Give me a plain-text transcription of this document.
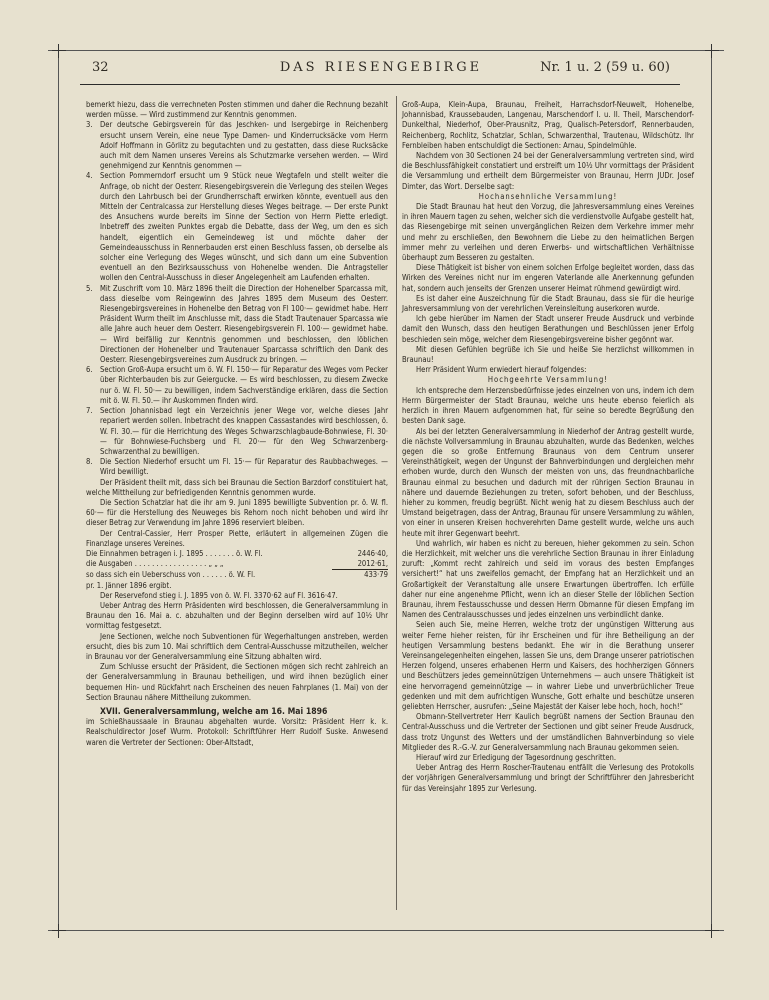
32	DAS RIESENGEBIRGE	Nr. 1 u. 2 (59 u. 60)

bemerkt hiezu, dass die verrechneten Posten stimmen und daher die Rechnung bezahlt werden müsse. — Wird zustimmend zur Kenntnis genommen.

3. Der deutsche Gebirgsverein für das Jeschken- und Isergebirge in Reichenberg ersucht unsern Verein, eine neue Type Damen- und Kinderrucksäcke vom Herrn Adolf Hoffmann in Görlitz zu begutachten und zu gestatten, dass diese Rucksäcke auch mit dem Namen unseres Vereins als Schutzmarke versehen werden. — Wird genehmigend zur Kenntnis genommen —
4. Section Pommerndorf ersucht um 9 Stück neue Wegtafeln und stellt weiter die Anfrage, ob nicht der Oesterr. Riesengebirgsverein die Verlegung des steilen Weges durch den Lahrbusch bei der Grundherrschaft erwirken könnte, eventuell aus den Mitteln der Centralcassa zur Herstellung dieses Weges beitrage. — Der erste Punkt des Ansuchens wurde bereits im Sinne der Section von Herrn Piette erledigt. Inbetreff des zweiten Punktes ergab die Debatte, dass der Weg, um den es sich handelt, eigentlich ein Gemeindeweg ist und möchte daher der Gemeindeausschuss in Rennerbauden erst einen Beschluss fassen, ob derselbe als solcher eine Verlegung des Weges wünscht, und sich dann um eine Subvention eventuell an den Bezirksausschuss von Hohenelbe wenden. Die Antragsteller wollen den Central-Ausschuss in dieser Angelegenheit am Laufenden erhalten.
5. Mit Zuschrift vom 10. März 1896 theilt die Direction der Hohenelber Sparcassa mit, dass dieselbe vom Reingewinn des Jahres 1895 dem Museum des Oesterr. Riesengebirgsvereines in Hohenelbe den Betrag von Fl 100·— gewidmet habe. Herr Präsident Wurm theilt im Anschlusse mit, dass die Stadt Trautenauer Sparcassa wie alle Jahre auch heuer dem Oesterr. Riesengebirgsverein Fl. 100·— gewidmet habe. — Wird beifällig zur Kenntnis genommen und beschlossen, den löblichen Directionen der Hohenelber und Trautenauer Sparcassa schriftlich den Dank des Oesterr. Riesengebirgsvereines zum Ausdruck zu bringen. —
6. Section Groß-Aupa ersucht um ö. W. Fl. 150·— für Reparatur des Weges vom Pecker über Richterbauden bis zur Geiergucke. — Es wird beschlossen, zu diesem Zwecke nur ö. W. Fl. 50·— zu bewilligen, indem Sachverständige erklären, dass die Section mit ö. W. Fl. 50.— ihr Auskommen finden wird.
7. Section Johannisbad legt ein Verzeichnis jener Wege vor, welche dieses Jahr repariert werden sollen. Inbetracht des knappen Cassastandes wird beschlossen, ö. W. Fl. 30.— für die Herrichtung des Weges Schwarzschlagbaude-Bohnwiese, Fl. 30·— für Bohnwiese-Fuchsberg und Fl. 20·— für den Weg Schwarzenberg-Schwarzenthal zu bewilligen.
8. Die Section Niederhof ersucht um Fl. 15·— für Reparatur des Raubbachweges. — Wird bewilligt.

Der Präsident theilt mit, dass sich bei Braunau die Section Barzdorf constituiert hat, welche Mittheilung zur befriedigenden Kenntnis genommen wurde.

Die Section Schatzlar hat die ihr am 9. Juni 1895 bewilligte Subvention pr. ö. W. fl. 60·— für die Herstellung des Neuweges bis Rehorn noch nicht behoben und wird ihr dieser Betrag zur Verwendung im Jahre 1896 reserviert bleiben.

Der Central-Cassier, Herr Prosper Piette, erläutert in allgemeinen Zügen die Finanzlage unseres Vereines.

Die Einnahmen betragen i. J. 1895 . . . . . . . ö. W. Fl.	2446·40,
die Ausgaben . . . . . . . . . . . . . . . . . „ „ „	2012·61,
so dass sich ein Ueberschuss von . . . . . . ö. W. Fl.	433·79

pr. 1. Jänner 1896 ergibt.

Der Reservefond stieg i. J. 1895 von ö. W. Fl. 3370·62 auf Fl. 3616·47.

Ueber Antrag des Herrn Präsidenten wird beschlossen, die Generalversammlung in Braunau den 16. Mai a. c. abzuhalten und der Beginn derselben wird auf 10½ Uhr vormittag festgesetzt.

Jene Sectionen, welche noch Subventionen für Wegerhaltungen anstreben, werden ersucht, dies bis zum 10. Mai schriftlich dem Central-Ausschusse mitzutheilen, welcher in Braunau vor der Generalversammlung eine Sitzung abhalten wird.

Zum Schlusse ersucht der Präsident, die Sectionen mögen sich recht zahlreich an der Generalversammlung in Braunau betheiligen, und wird ihnen bezüglich einer bequemen Hin- und Rückfahrt nach Erscheinen des neuen Fahrplanes (1. Mai) von der Section Braunau nähere Mittheilung zukommen.

XVII. Generalversammlung, welche am 16. Mai 1896

im Schießhaussaale in Braunau abgehalten wurde. Vorsitz: Präsident Herr k. k. Realschuldirector Josef Wurm. Protokoll: Schriftführer Herr Rudolf Suske. Anwesend waren die Vertreter der Sectionen: Ober-Altstadt,

Groß-Aupa, Klein-Aupa, Braunau, Freiheit, Harrachsdorf-Neuwelt, Hohenelbe, Johannisbad, Kraussebauden, Langenau, Marschendorf I. u. II. Theil, Marschendorf-Dunkelthal, Niederhof, Ober-Prausnitz, Prag, Qualisch-Petersdorf, Rennerbauden, Reichenberg, Rochlitz, Schatzlar, Schlan, Schwarzenthal, Trautenau, Wildschütz. Ihr Fernbleiben haben entschuldigt die Sectionen: Arnau, Spindelmühle.

Nachdem von 30 Sectionen 24 bei der Generalversammlung vertreten sind, wird die Beschlussfähigkeit constatiert und erstreift um 10½ Uhr vormittags der Präsident die Versammlung und ertheilt dem Bürgermeister von Braunau, Herrn JUDr. Josef Dimter, das Wort. Derselbe sagt:

Hochansehnliche Versammlung!

Die Stadt Braunau hat heut den Vorzug, die Jahresversammlung eines Vereines in ihren Mauern tagen zu sehen, welcher sich die verdienstvolle Aufgabe gestellt hat, das Riesengebirge mit seinen unvergänglichen Reizen dem Verkehre immer mehr und mehr zu erschließen, den Bewohnern die Liebe zu den heimatlichen Bergen immer mehr zu verleihen und deren Erwerbs- und wirtschaftlichen Verhältnisse überhaupt zum Besseren zu gestalten.

Diese Thätigkeit ist bisher von einem solchen Erfolge begleitet worden, dass das Wirken des Vereines nicht nur im engeren Vaterlande alle Anerkennung gefunden hat, sondern auch jenseits der Grenzen unserer Heimat rühmend gewürdigt wird.

Es ist daher eine Auszeichnung für die Stadt Braunau, dass sie für die heurige Jahresversammlung von der verehrlichen Vereinsleitung auserkoren wurde.

Ich gebe hierüber im Namen der Stadt unserer Freude Ausdruck und verbinde damit den Wunsch, dass den heutigen Berathungen und Beschlüssen jener Erfolg beschieden sein möge, welcher dem Riesengebirgsvereine bisher gegönnt war.

Mit diesen Gefühlen begrüße ich Sie und heiße Sie herzlichst willkommen in Braunau!

Herr Präsident Wurm erwiedert hierauf folgendes:

Hochgeehrte Versammlung!

Ich entspreche dem Herzensbedürfnisse jedes einzelnen von uns, indem ich dem Herrn Bürgermeister der Stadt Braunau, welche uns heute ebenso feierlich als herzlich in ihren Mauern aufgenommen hat, für seine so beredte Begrüßung den besten Dank sage.

Als bei der letzten Generalversammlung in Niederhof der Antrag gestellt wurde, die nächste Vollversammlung in Braunau abzuhalten, wurde das Bedenken, welches gegen die so große Entfernung Braunaus von dem Centrum unserer Vereinsthätigkeit, wegen der Ungunst der Bahnverbindungen und dergleichen mehr erhoben wurde, durch den Wunsch der meisten von uns, das freundnachbarliche Braunau einmal zu besuchen und dadurch mit der rührigen Section Braunau in nähere und dauernde Beziehungen zu treten, sofort behoben, und der Beschluss, hieher zu kommen, freudig begrüßt. Nicht wenig hat zu diesem Beschluss auch der Umstand beigetragen, dass der Antrag, Braunau für unsere Versammlung zu wählen, von einer in unseren Kreisen hochverehrten Dame gestellt wurde, welche uns auch heute mit ihrer Gegenwart beehrt.

Und wahrlich, wir haben es nicht zu bereuen, hieher gekommen zu sein. Schon die Herzlichkeit, mit welcher uns die verehrliche Section Braunau in ihrer Einladung zuruft: „Kommt recht zahlreich und seid im voraus des besten Empfanges versichert!“ hat uns zweifellos gemacht, der Empfang hat an Herzlichkeit und an Großartigkeit der Veranstaltung alle unsere Erwartungen übertroffen. Ich erfülle daher nur eine angenehme Pflicht, wenn ich an dieser Stelle der löblichen Section Braunau, ihrem Festausschusse und dessen Herrn Obmanne für diesen Empfang im Namen des Centralausschusses und jedes einzelnen uns verbindlicht danke.

Seien auch Sie, meine Herren, welche trotz der ungünstigen Witterung aus weiter Ferne hieher reisten, für ihr Erscheinen und für ihre Betheiligung an der heutigen Versammlung bestens bedankt. Ehe wir in die Berathung unserer Vereinsangelegenheiten eingehen, lassen Sie uns, dem Drange unserer patriotischen Herzen folgend, unseres erhabenen Herrn und Kaisers, des hochherzigen Gönners und Beschützers jedes gemeinnützigen Unternehmens — auch unsere Thätigkeit ist eine hervorragend gemeinnützige — in wahrer Liebe und unverbrüchlicher Treue gedenken und mit dem aufrichtigen Wunsche, Gott erhalte und beschütze unseren geliebten Herrscher, ausrufen: „Seine Majestät der Kaiser lebe hoch, hoch, hoch!“

Obmann-Stellvertreter Herr Kaulich begrüßt namens der Section Braunau den Central-Ausschuss und die Vertreter der Sectionen und gibt seiner Freude Ausdruck, dass trotz Ungunst des Wetters und der umständlichen Bahnverbindung so viele Mitglieder des R.-G.-V. zur Generalversammlung nach Braunau gekommen seien.

Hierauf wird zur Erledigung der Tagesordnung geschritten.

Ueber Antrag des Herrn Roscher-Trautenau entfällt die Verlesung des Protokolls der vorjährigen Generalversammlung und bringt der Schriftführer den Jahresbericht für das Vereinsjahr 1895 zur Verlesung.
